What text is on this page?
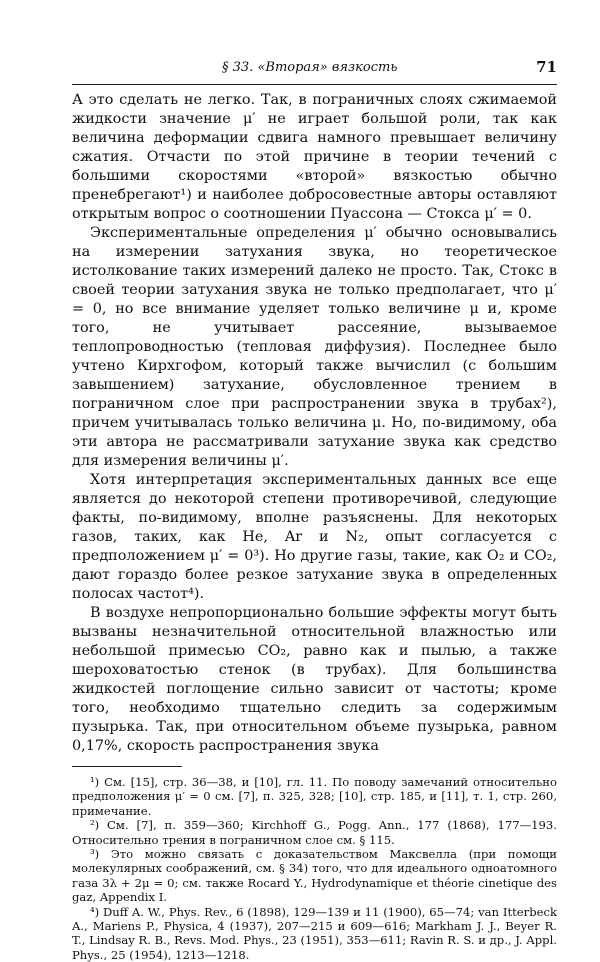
§ 33. «Вторая» вязкость	71

А это сделать не легко. Так, в пограничных слоях сжимаемой жидкости значение μ′ не играет большой роли, так как величина деформации сдвига намного превышает величину сжатия. Отчасти по этой причине в теории течений с большими скоростями «второй» вязкостью обычно пренебрегают¹) и наиболее добросовестные авторы оставляют открытым вопрос о соотношении Пуассона — Стокса μ′ = 0.

Экспериментальные определения μ′ обычно основывались на измерении затухания звука, но теоретическое истолкование таких измерений далеко не просто. Так, Стокс в своей теории затухания звука не только предполагает, что μ′ = 0, но все внимание уделяет только величине μ и, кроме того, не учитывает рассеяние, вызываемое теплопроводностью (тепловая диффузия). Последнее было учтено Кирхгофом, который также вычислил (с большим завышением) затухание, обусловленное трением в пограничном слое при распространении звука в трубах²), причем учитывалась только величина μ. Но, по-видимому, оба эти автора не рассматривали затухание звука как средство для измерения величины μ′.

Хотя интерпретация экспериментальных данных все еще является до некоторой степени противоречивой, следующие факты, по-видимому, вполне разъяснены. Для некоторых газов, таких, как He, Ar и N₂, опыт согласуется с предположением μ′ = 0³). Но другие газы, такие, как O₂ и CO₂, дают гораздо более резкое затухание звука в определенных полосах частот⁴).

В воздухе непропорционально большие эффекты могут быть вызваны незначительной относительной влажностью или небольшой примесью CO₂, равно как и пылью, а также шероховатостью стенок (в трубах). Для большинства жидкостей поглощение сильно зависит от частоты; кроме того, необходимо тщательно следить за содержимым пузырька. Так, при относительном объеме пузырька, равном 0,17%, скорость распространения звука

¹) См. [15], стр. 36—38, и [10], гл. 11. По поводу замечаний относительно предположения μ′ = 0 см. [7], п. 325, 328; [10], стр. 185, и [11], т. 1, стр. 260, примечание.

²) См. [7], п. 359—360; Kirchhoff G., Pogg. Ann., 177 (1868), 177—193. Относительно трения в пограничном слое см. § 115.

³) Это можно связать с доказательством Максвелла (при помощи молекулярных соображений, см. § 34) того, что для идеального одноатомного газа 3λ + 2μ = 0; см. также Rocard Y., Hydrodynamique et théorie cinetique des gaz, Appendix I.

⁴) Duff A. W., Phys. Rev., 6 (1898), 129—139 и 11 (1900), 65—74; van Itterbeck A., Mariens P., Physica, 4 (1937), 207—215 и 609—616; Markham J. J., Beyer R. T., Lindsay R. B., Revs. Mod. Phys., 23 (1951), 353—611; Ravin R. S. и др., J. Appl. Phys., 25 (1954), 1213—1218.
